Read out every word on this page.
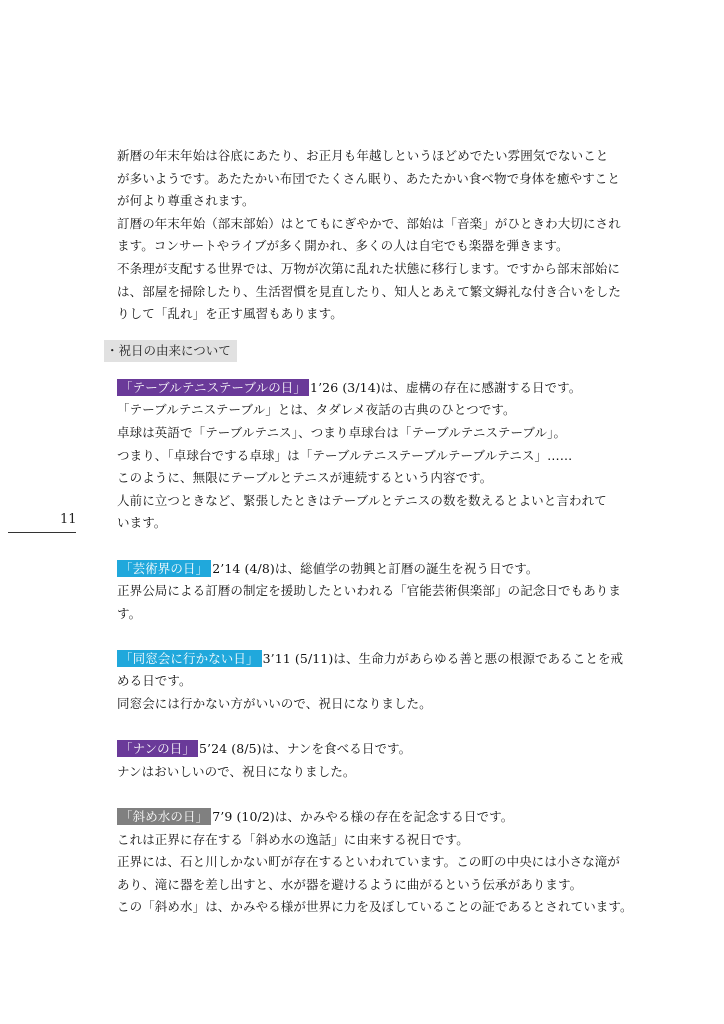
11
・祝日の由来について
新暦の年末年始は谷底にあたり、お正月も年越しというほどめでたい雰囲気でないこと
が多いようです。あたたかい布団でたくさん眠り、あたたかい食べ物で身体を癒やすこと
が何より尊重されます。
訂暦の年末年始（部末部始）はとてもにぎやかで、部始は「音楽」がひときわ大切にされ
ます。コンサートやライブが多く開かれ、多くの人は自宅でも楽器を弾きます。
不条理が支配する世界では、万物が次第に乱れた状態に移行します。ですから部末部始に
は、部屋を掃除したり、生活習慣を見直したり、知人とあえて繁文縟礼な付き合いをした
りして「乱れ」を正す風習もあります。
「テーブルテニステーブルの日」 1’26 (3/14)は、虚構の存在に感謝する日です。
「テーブルテニステーブル」とは、タダレメ夜話の古典のひとつです。
卓球は英語で「テーブルテニス」、つまり卓球台は「テーブルテニステーブル」。
つまり、「卓球台でする卓球」は「テーブルテニステーブルテーブルテニス」……
このように、無限にテーブルとテニスが連続するという内容です。
人前に立つときなど、緊張したときはテーブルとテニスの数を数えるとよいと言われて
います。
「芸術界の日」 2’14 (4/8)は、総値学の勃興と訂暦の誕生を祝う日です。
正界公局による訂暦の制定を援助したといわれる「官能芸術倶楽部」の記念日でもありま
す。
「同窓会に行かない日」 3’11 (5/11)は、生命力があらゆる善と悪の根源であることを戒
める日です。
同窓会には行かない方がいいので、祝日になりました。
「ナンの日」 5’24 (8/5)は、ナンを食べる日です。
ナンはおいしいので、祝日になりました。
「斜め水の日」 7’9 (10/2)は、かみやる様の存在を記念する日です。
これは正界に存在する「斜め水の逸話」に由来する祝日です。
正界には、石と川しかない町が存在するといわれています。この町の中央には小さな滝が
あり、滝に器を差し出すと、水が器を避けるように曲がるという伝承があります。
この「斜め水」は、かみやる様が世界に力を及ぼしていることの証であるとされています。
